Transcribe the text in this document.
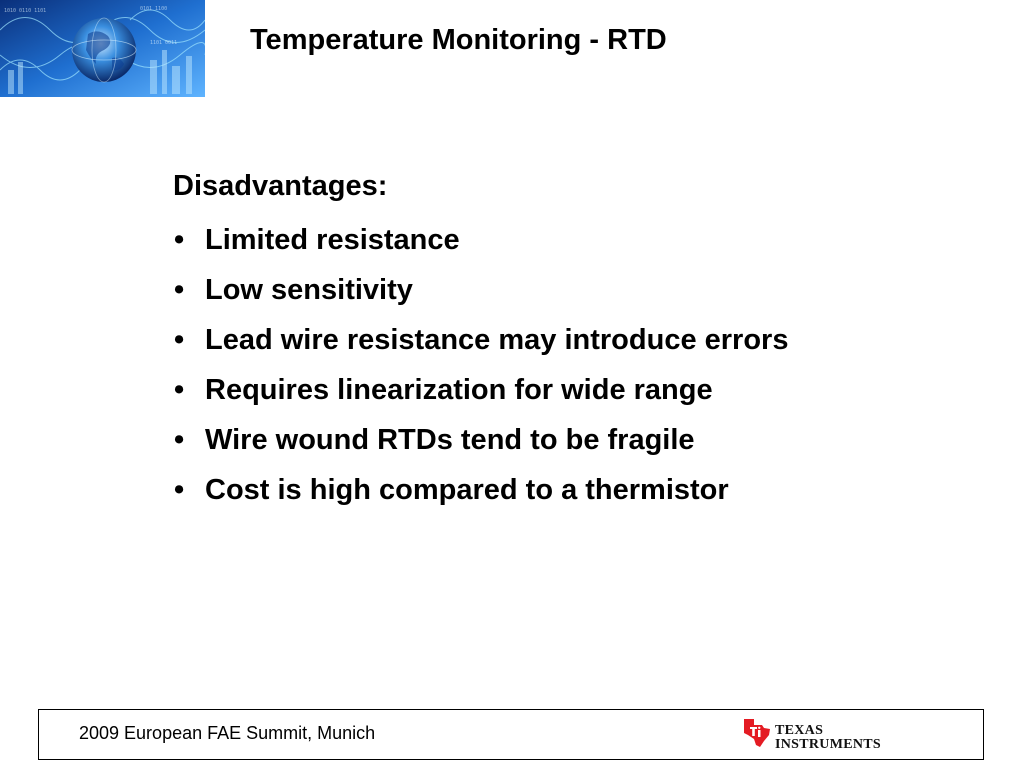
1010 0110 1101	0101 1100
1101 0011	Temperature Monitoring - RTD
Disadvantages:
• Limited resistance
• Low sensitivity
• Lead wire resistance may introduce errors
• Requires linearization for wide range
• Wire wound RTDs tend to be fragile
• Cost is high compared to a thermistor
2009 European FAE Summit, Munich	TEXAS
INSTRUMENTS
